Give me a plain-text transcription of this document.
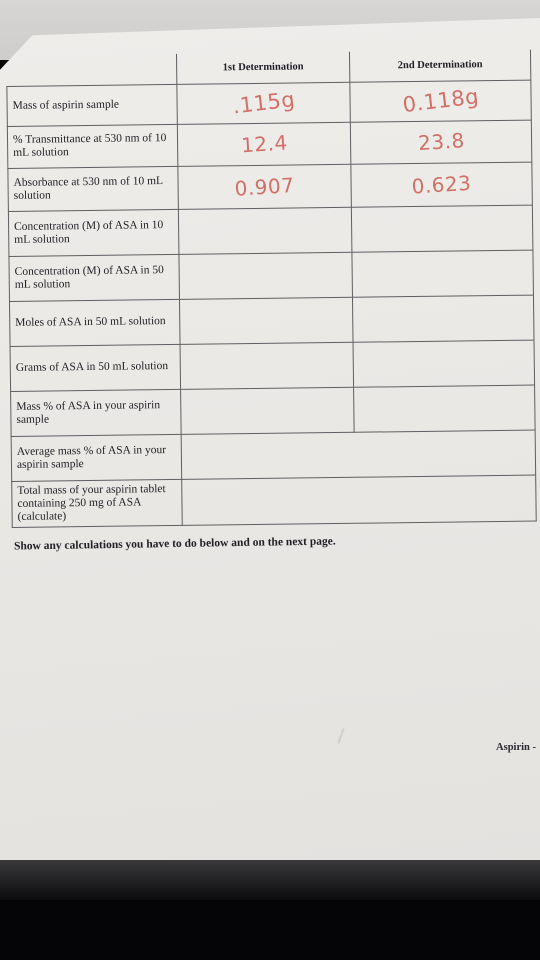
	1st Determination	2nd Determination
Mass of aspirin sample	.115g	0.118g
% Transmittance at 530 nm of 10 mL solution	12.4	23.8
Absorbance at 530 nm of 10 mL solution	0.907	0.623
Concentration (M) of ASA in 10 mL solution		
Concentration (M) of ASA in 50 mL solution		
Moles of ASA in 50 mL solution		
Grams of ASA in 50 mL solution		
Mass % of ASA in your aspirin sample		
Average mass % of ASA in your aspirin sample		
Total mass of your aspirin tablet containing 250 mg of ASA (calculate)		
Show any calculations you have to do below and on the next page.
Aspirin -
